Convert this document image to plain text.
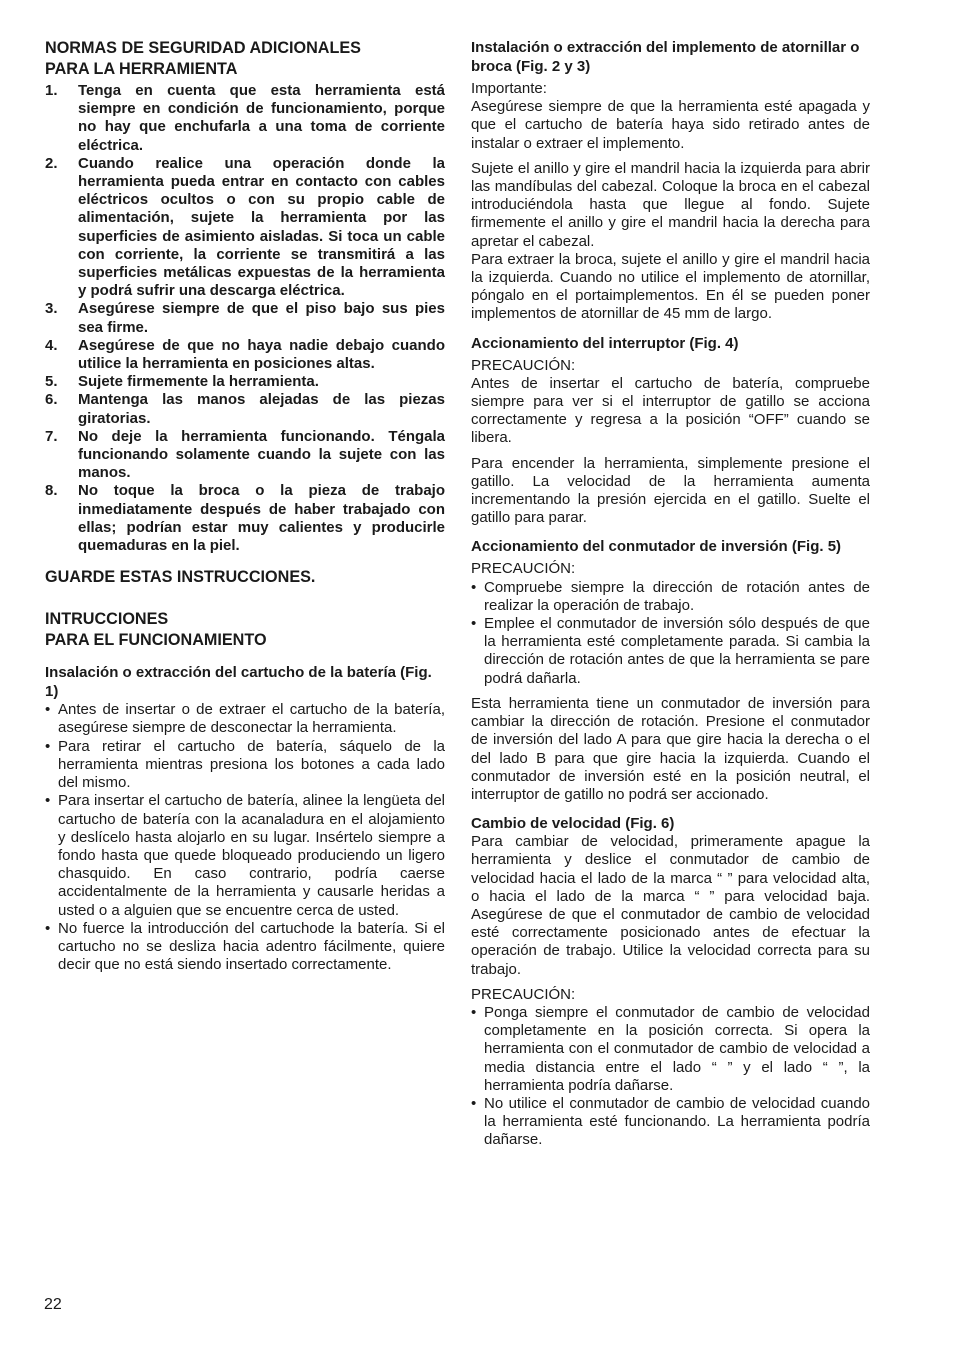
NORMAS DE SEGURIDAD ADICIONALES
PARA LA HERRAMIENTA
1.	Tenga en cuenta que esta herramienta está siempre en condición de funcionamiento, porque no hay que enchufarla a una toma de corriente eléctrica.
2.	Cuando realice una operación donde la herramienta pueda entrar en contacto con cables eléctricos ocultos o con su propio cable de alimentación, sujete la herramienta por las superficies de asimiento aisladas. Si toca un cable con corriente, la corriente se transmitirá a las superficies metálicas expuestas de la herramienta y podrá sufrir una descarga eléctrica.
3.	Asegúrese siempre de que el piso bajo sus pies sea firme.
4.	Asegúrese de que no haya nadie debajo cuando utilice la herramienta en posiciones altas.
5.	Sujete firmemente la herramienta.
6.	Mantenga las manos alejadas de las piezas giratorias.
7.	No deje la herramienta funcionando. Téngala funcionando solamente cuando la sujete con las manos.
8.	No toque la broca o la pieza de trabajo inmediatamente después de haber trabajado con ellas; podrían estar muy calientes y producirle quemaduras en la piel.
GUARDE ESTAS INSTRUCCIONES.
INTRUCCIONES
PARA EL FUNCIONAMIENTO
Insalación o extracción del cartucho de la batería (Fig. 1)
• Antes de insertar o de extraer el cartucho de la batería, asegúrese siempre de desconectar la herramienta.
• Para retirar el cartucho de batería, sáquelo de la herramienta mientras presiona los botones a cada lado del mismo.
• Para insertar el cartucho de batería, alinee la lengüeta del cartucho de batería con la acanaladura en el alojamiento y deslícelo hasta alojarlo en su lugar. Insértelo siempre a fondo hasta que quede bloqueado produciendo un ligero chasquido. En caso contrario, podría caerse accidentalmente de la herramienta y causarle heridas a usted o a alguien que se encuentre cerca de usted.
• No fuerce la introducción del cartuchode la batería. Si el cartucho no se desliza hacia adentro fácilmente, quiere decir que no está siendo insertado correctamente.
Instalación o extracción del implemento de atornillar o broca (Fig. 2 y 3)

Importante:

Asegúrese siempre de que la herramienta esté apagada y que el cartucho de batería haya sido retirado antes de instalar o extraer el implemento.

Sujete el anillo y gire el mandril hacia la izquierda para abrir las mandíbulas del cabezal. Coloque la broca en el cabezal introduciéndola hasta que llegue al fondo. Sujete firmemente el anillo y gire el mandril hacia la derecha para apretar el cabezal.

Para extraer la broca, sujete el anillo y gire el mandril hacia la izquierda. Cuando no utilice el implemento de atornillar, póngalo en el portaimplementos. En él se pueden poner implementos de atornillar de 45 mm de largo.

Accionamiento del interruptor (Fig. 4)

PRECAUCIÓN:

Antes de insertar el cartucho de batería, compruebe siempre para ver si el interruptor de gatillo se acciona correctamente y regresa a la posición “OFF” cuando se libera.

Para encender la herramienta, simplemente presione el gatillo. La velocidad de la herramienta aumenta incrementando la presión ejercida en el gatillo. Suelte el gatillo para parar.

Accionamiento del conmutador de inversión (Fig. 5)

PRECAUCIÓN:

• Compruebe siempre la dirección de rotación antes de realizar la operación de trabajo.
• Emplee el conmutador de inversión sólo después de que la herramienta esté completamente parada. Si cambia la dirección de rotación antes de que la herramienta se pare podrá dañarla.

Esta herramienta tiene un conmutador de inversión para cambiar la dirección de rotación. Presione el conmutador de inversión del lado A para que gire hacia la derecha o el del lado B para que gire hacia la izquierda. Cuando el conmutador de inversión esté en la posición neutral, el interruptor de gatillo no podrá ser accionado.

Cambio de velocidad (Fig. 6)

Para cambiar de velocidad, primeramente apague la herramienta y deslice el conmutador de cambio de velocidad hacia el lado de la marca “ ” para velocidad alta, o hacia el lado de la marca “ ” para velocidad baja. Asegúrese de que el conmutador de cambio de velocidad esté correctamente posicionado antes de efectuar la operación de trabajo. Utilice la velocidad correcta para su trabajo.

PRECAUCIÓN:

• Ponga siempre el conmutador de cambio de velocidad completamente en la posición correcta. Si opera la herramienta con el conmutador de cambio de velocidad a media distancia entre el lado “ ” y el lado “ ”, la herramienta podría dañarse.
• No utilice el conmutador de cambio de velocidad cuando la herramienta esté funcionando. La herramienta podría dañarse.
22
